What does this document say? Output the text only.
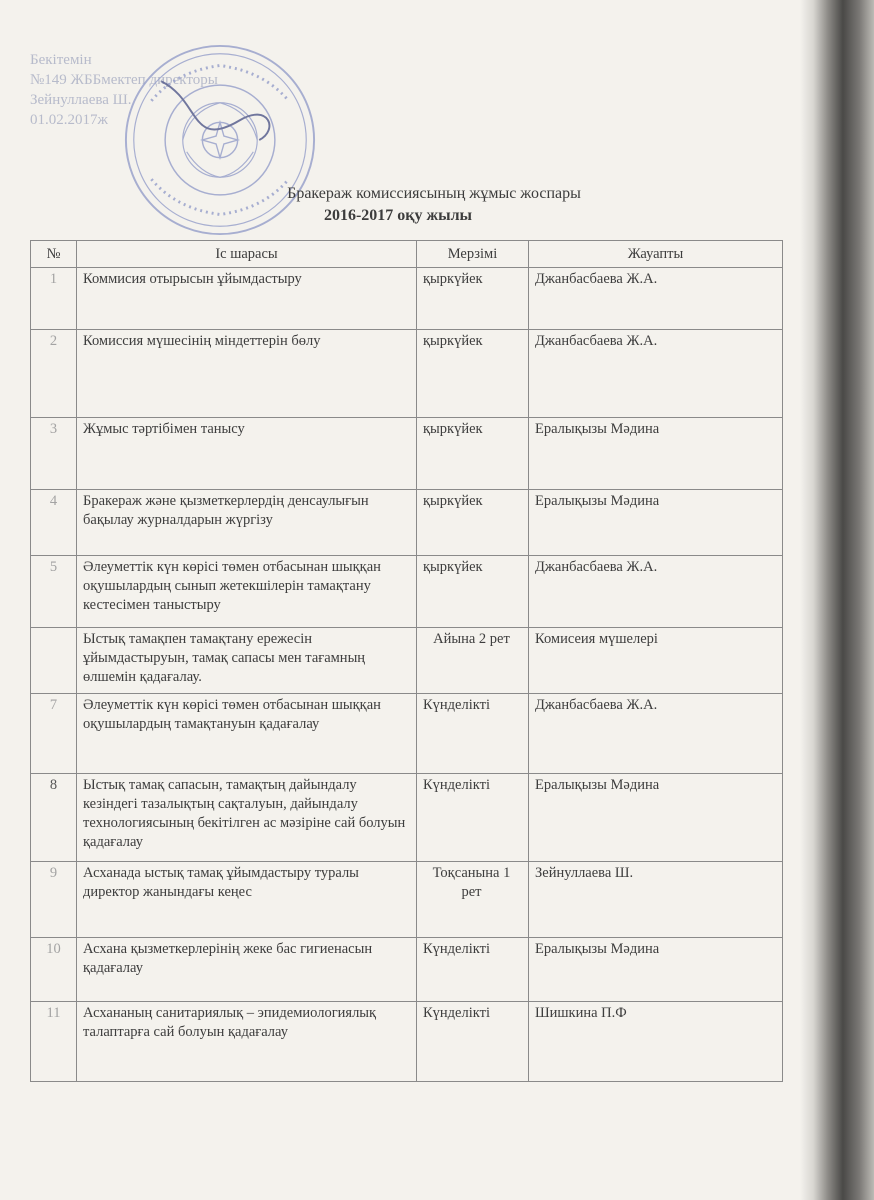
Бекітемін
№149 ЖББмектеп директоры
Зейнуллаева Ш.
01.02.2017ж
Бракераж комиссиясының жұмыс жоспары
2016-2017 оқу жылы
№	Іс шарасы	Мерзімі	Жауапты
1	Коммисия отырысын ұйымдастыру	қыркүйек	Джанбасбаева Ж.А.
2	Комиссия мүшесінің міндеттерін бөлу	қыркүйек	Джанбасбаева Ж.А.
3	Жұмыс тәртібімен танысу	қыркүйек	Ералықызы Мәдина
4	Бракераж және қызметкерлердің денсаулығын бақылау журналдарын жүргізу	қыркүйек	Ералықызы Мәдина
5	Әлеуметтік күн көрісі төмен отбасынан шыққан оқушылардың сынып жетекшілерін тамақтану кестесімен таныстыру	қыркүйек	Джанбасбаева Ж.А.
	Ыстық тамақпен тамақтану ережесін ұйымдастыруын, тамақ сапасы мен тағамның өлшемін қадағалау.	Айына 2 рет	Комисеия мүшелері
7	Әлеуметтік күн көрісі төмен отбасынан шыққан оқушылардың тамақтануын қадағалау	Күнделікті	Джанбасбаева Ж.А.
8	Ыстық тамақ сапасын, тамақтың дайындалу кезіндегі тазалықтың сақталуын, дайындалу технологиясының бекітілген ас мәзіріне сай болуын қадағалау	Күнделікті	Ералықызы Мәдина
9	Асханада ыстық тамақ ұйымдастыру туралы директор жанындағы кеңес	Тоқсанына 1 рет	Зейнуллаева Ш.
10	Асхана қызметкерлерінің жеке бас гигиенасын қадағалау	Күнделікті	Ералықызы Мәдина
11	Асхананың санитариялық – эпидемиологиялық талаптарға сай болуын қадағалау	Күнделікті	Шишкина П.Ф
